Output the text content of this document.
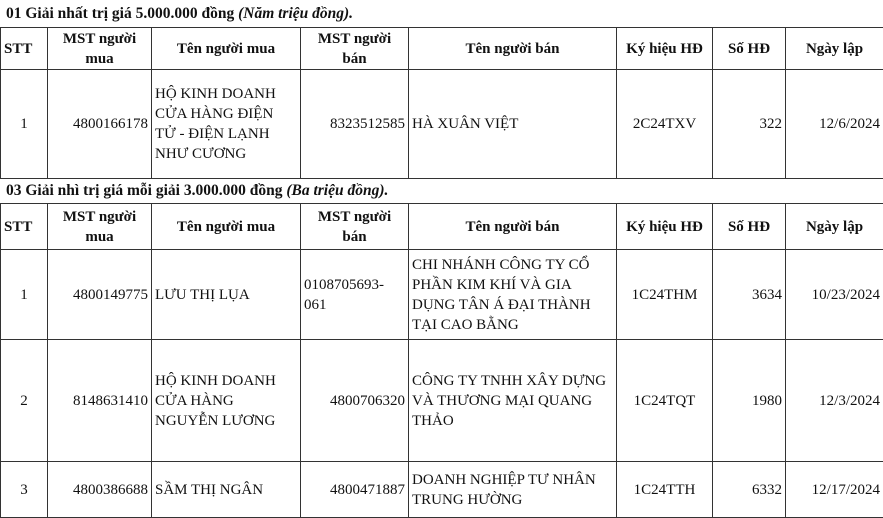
01 Giải nhất trị giá 5.000.000 đồng (Năm triệu đồng).
STT	MST người mua	Tên người mua	MST người bán	Tên người bán	Ký hiệu HĐ	Số HĐ	Ngày lập
1	4800166178	HỘ KINH DOANH CỬA HÀNG ĐIỆN TỬ - ĐIỆN LẠNH NHƯ CƯƠNG	8323512585	HÀ XUÂN VIỆT	2C24TXV	322	12/6/2024
03 Giải nhì trị giá mỗi giải 3.000.000 đồng (Ba triệu đồng).
STT	MST người mua	Tên người mua	MST người bán	Tên người bán	Ký hiệu HĐ	Số HĐ	Ngày lập
1	4800149775	LƯU THỊ LỤA	0108705693-061	CHI NHÁNH CÔNG TY CỔ PHẦN KIM KHÍ VÀ GIA DỤNG TÂN Á ĐẠI THÀNH TẠI CAO BẰNG	1C24THM	3634	10/23/2024
2	8148631410	HỘ KINH DOANH CỬA HÀNG NGUYỄN LƯƠNG	4800706320	CÔNG TY TNHH XÂY DỰNG VÀ THƯƠNG MẠI QUANG THẢO	1C24TQT	1980	12/3/2024
3	4800386688	SẦM THỊ NGÂN	4800471887	DOANH NGHIỆP TƯ NHÂN TRUNG HƯỜNG	1C24TTH	6332	12/17/2024
